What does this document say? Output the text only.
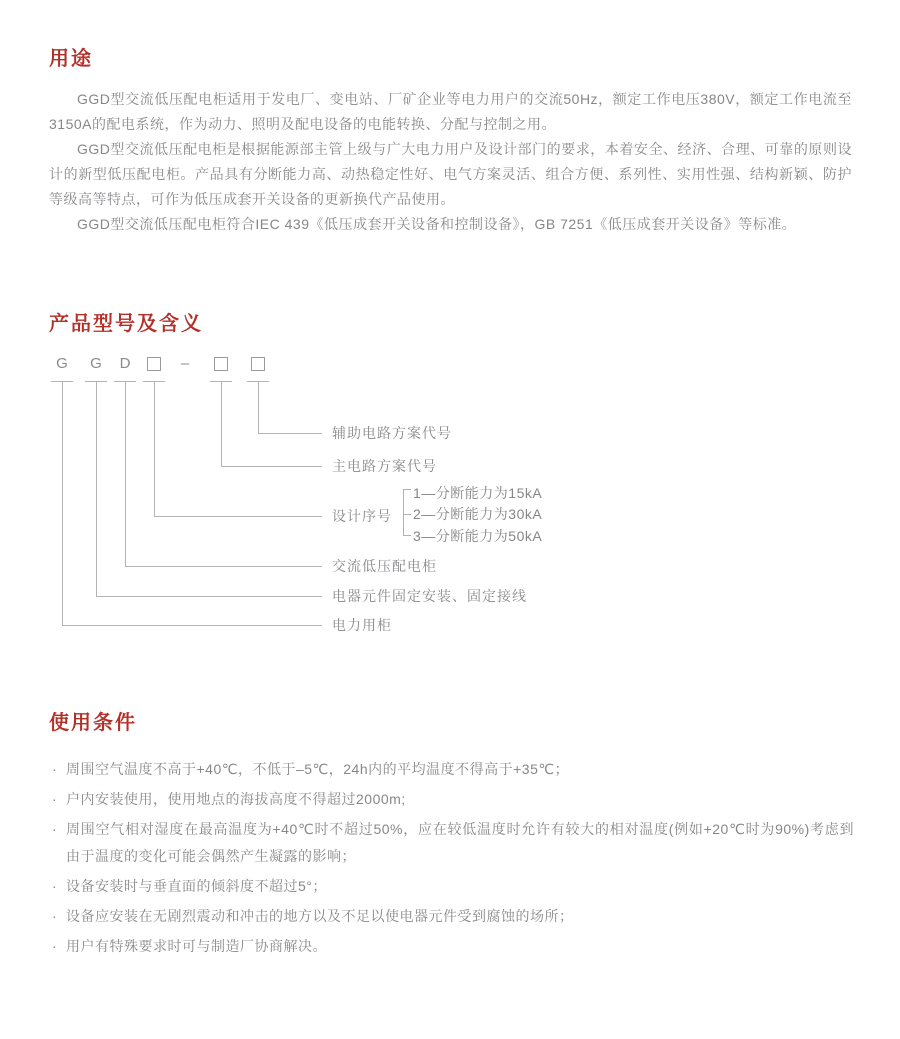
用途

GGD型交流低压配电柜适用于发电厂、变电站、厂矿企业等电力用户的交流50Hz，额定工作电压380V，额定工作电流至3150A的配电系统，作为动力、照明及配电设备的电能转换、分配与控制之用。

GGD型交流低压配电柜是根据能源部主管上级与广大电力用户及设计部门的要求，本着安全、经济、合理、可靠的原则设计的新型低压配电柜。产品具有分断能力高、动热稳定性好、电气方案灵活、组合方便、系列性、实用性强、结构新颖、防护等级高等特点，可作为低压成套开关设备的更新换代产品使用。

GGD型交流低压配电柜符合IEC 439《低压成套开关设备和控制设备》，GB 7251《低压成套开关设备》等标准。

产品型号及含义
G	G	D	–
辅助电路方案代号
主电路方案代号
设计序号
交流低压配电柜
电器元件固定安装、固定接线
电力用柜
1—分断能力为15kA
2—分断能力为30kA
3—分断能力为50kA
使用条件
· 周围空气温度不高于+40℃，不低于–5℃，24h内的平均温度不得高于+35℃；
· 户内安装使用，使用地点的海拔高度不得超过2000m;
· 周围空气相对湿度在最高温度为+40℃时不超过50%，应在较低温度时允许有较大的相对温度(例如+20℃时为90%)考虑到由于温度的变化可能会偶然产生凝露的影响；
· 设备安装时与垂直面的倾斜度不超过5°；
· 设备应安装在无剧烈震动和冲击的地方以及不足以使电器元件受到腐蚀的场所；
· 用户有特殊要求时可与制造厂协商解决。
